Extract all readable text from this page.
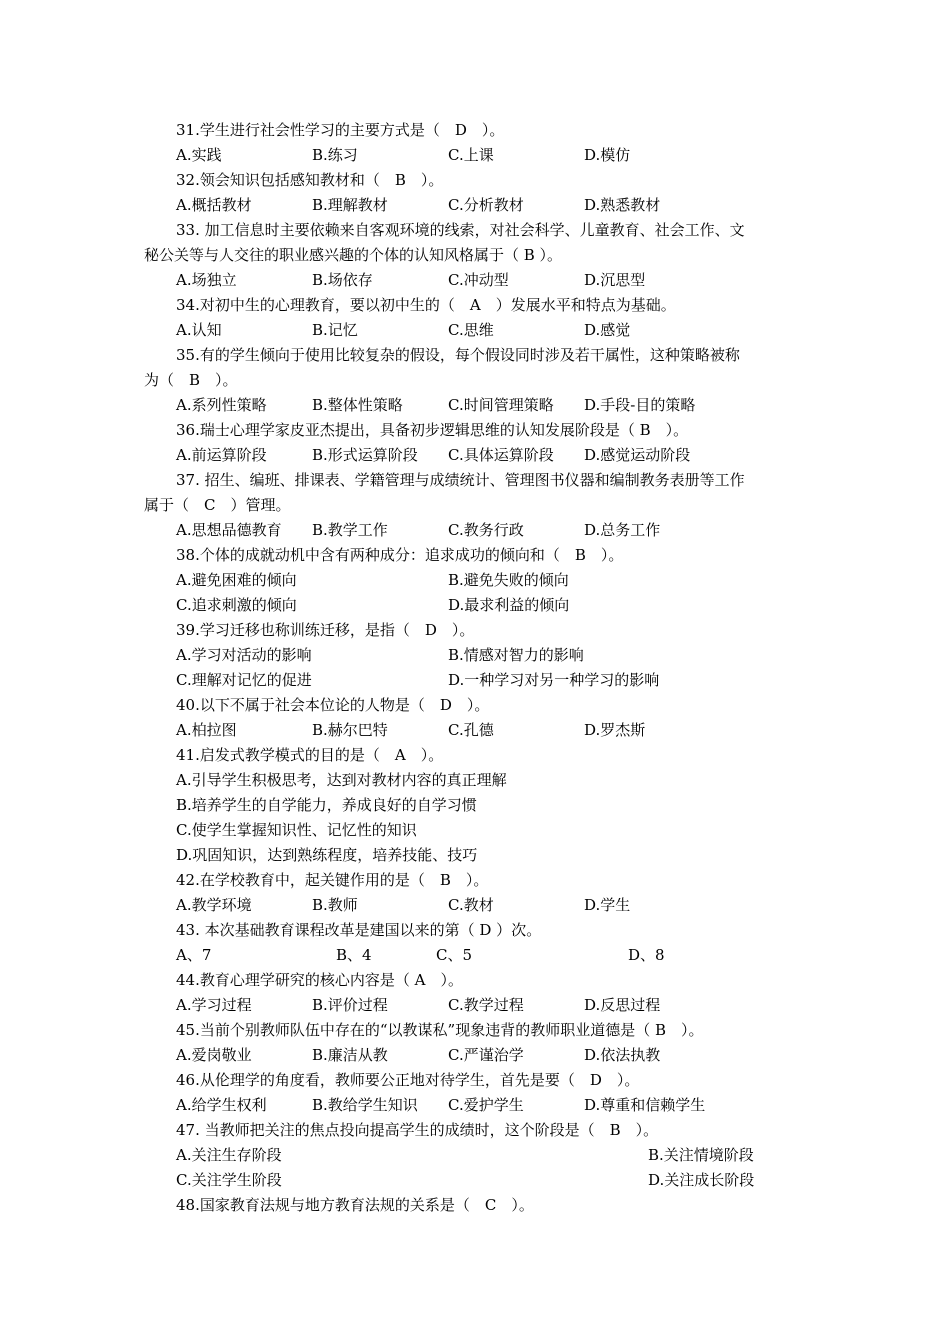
31.学生进行社会性学习的主要方式是（　D　）。
A.实践	B.练习	C.上课	D.模仿
32.领会知识包括感知教材和（　B　）。
A.概括教材	B.理解教材	C.分析教材	D.熟悉教材
33. 加工信息时主要依赖来自客观环境的线索，对社会科学、儿童教育、社会工作、文
秘公关等与人交往的职业感兴趣的个体的认知风格属于（ B ）。
A.场独立	B.场依存	C.冲动型	D.沉思型
34.对初中生的心理教育，要以初中生的（　A　）发展水平和特点为基础。
A.认知	B.记忆	C.思维	D.感觉
35.有的学生倾向于使用比较复杂的假设，每个假设同时涉及若干属性，这种策略被称
为（　B　）。
A.系列性策略	B.整体性策略	C.时间管理策略 D.手段-目的策略
36.瑞士心理学家皮亚杰提出，具备初步逻辑思维的认知发展阶段是（ B　）。
A.前运算阶段	B.形式运算阶段 C.具体运算阶段 D.感觉运动阶段
37. 招生、编班、排课表、学籍管理与成绩统计、管理图书仪器和编制教务表册等工作
属于（　C　）管理。
A.思想品德教育 B.教学工作	C.教务行政	D.总务工作
38.个体的成就动机中含有两种成分：追求成功的倾向和（　B　）。
A.避免困难的倾向	B.避免失败的倾向
C.追求刺激的倾向	D.最求利益的倾向
39.学习迁移也称训练迁移，是指（　D　）。
A.学习对活动的影响	B.情感对智力的影响
C.理解对记忆的促进	D.一种学习对另一种学习的影响
40.以下不属于社会本位论的人物是（　D　）。
A.柏拉图	B.赫尔巴特	C.孔德	D.罗杰斯
41.启发式教学模式的目的是（　A　）。
A.引导学生积极思考，达到对教材内容的真正理解
B.培养学生的自学能力，养成良好的自学习惯
C.使学生掌握知识性、记忆性的知识
D.巩固知识，达到熟练程度，培养技能、技巧
42.在学校教育中，起关键作用的是（　B　）。
A.教学环境	B.教师	C.教材	D.学生
43. 本次基础教育课程改革是建国以来的第（ D ）次。
A、7	B、4	C、5	D、8
44.教育心理学研究的核心内容是（ A　）。
A.学习过程	B.评价过程	C.教学过程	D.反思过程
45.当前个别教师队伍中存在的“以教谋私”现象违背的教师职业道德是（ B　）。
A.爱岗敬业	B.廉洁从教	C.严谨治学	D.依法执教
46.从伦理学的角度看，教师要公正地对待学生，首先是要（　D　）。
A.给学生权利	B.教给学生知识 C.爱护学生	D.尊重和信赖学生
47. 当教师把关注的焦点投向提高学生的成绩时，这个阶段是（　B　）。
A.关注生存阶段	B.关注情境阶段
C.关注学生阶段	D.关注成长阶段
48.国家教育法规与地方教育法规的关系是（　C　）。
